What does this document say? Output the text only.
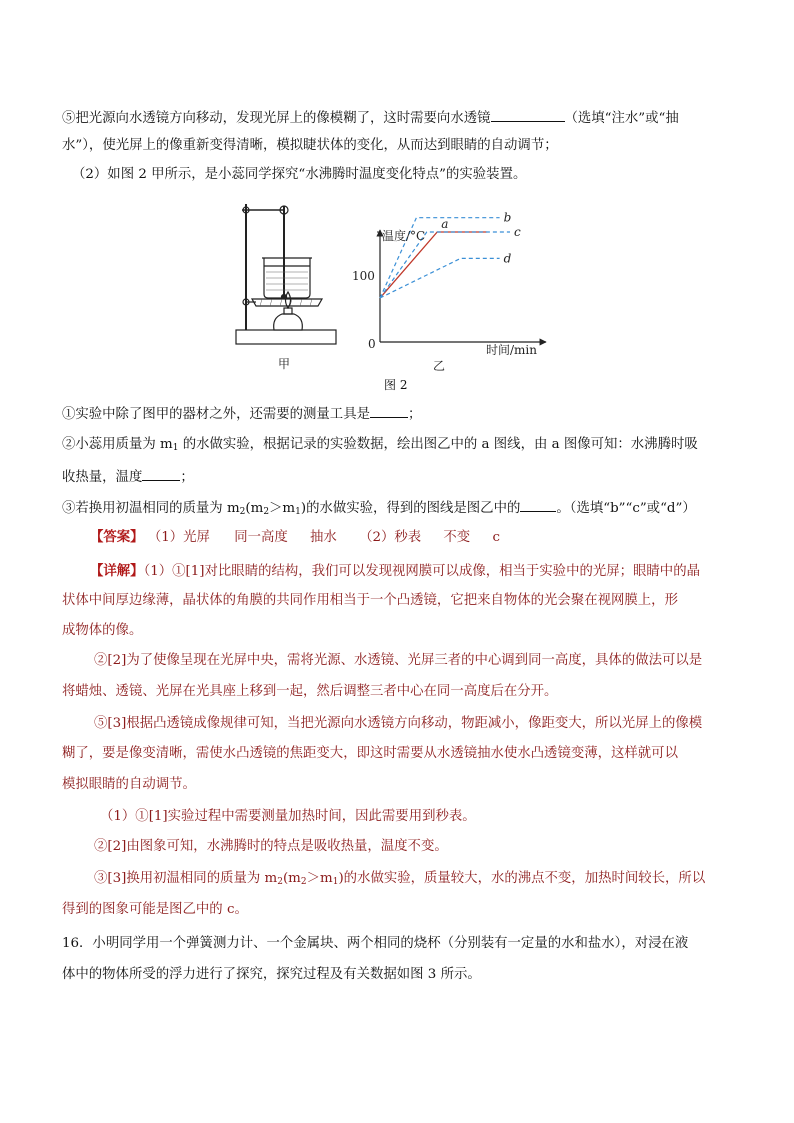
⑤把光源向水透镜方向移动，发现光屏上的像模糊了，这时需要向水透镜	（选填“注水”或“抽
水”），使光屏上的像重新变得清晰，模拟睫状体的变化，从而达到眼睛的自动调节；
（2）如图 2 甲所示，是小蕊同学探究“水沸腾时温度变化特点”的实验装置。
甲
a	b
c
d
温度/°C
时间/min
0
100
乙
图 2
①实验中除了图甲的器材之外，还需要的测量工具是	；
②小蕊用质量为 $m_1$ 的水做实验，根据记录的实验数据，绘出图乙中的 a 图线，由 a 图像可知：水沸腾时吸
收热量，温度	；
③若换用初温相同的质量为 $m_2(m_2>m_1)$的水做实验，得到的图线是图乙中的	。（选填“b”“c”或“d”）
【答案】 （1）光屏 同一高度 抽水 （2）秒表 不变 c
【详解】（1）①[1]对比眼睛的结构，我们可以发现视网膜可以成像，相当于实验中的光屏；眼睛中的晶
状体中间厚边缘薄，晶状体的角膜的共同作用相当于一个凸透镜，它把来自物体的光会聚在视网膜上，形
成物体的像。
②[2]为了使像呈现在光屏中央，需将光源、水透镜、光屏三者的中心调到同一高度，具体的做法可以是
将蜡烛、透镜、光屏在光具座上移到一起，然后调整三者中心在同一高度后在分开。
⑤[3]根据凸透镜成像规律可知，当把光源向水透镜方向移动，物距减小，像距变大，所以光屏上的像模
糊了，要是像变清晰，需使水凸透镜的焦距变大，即这时需要从水透镜抽水使水凸透镜变薄，这样就可以
模拟眼睛的自动调节。
（1）①[1]实验过程中需要测量加热时间，因此需要用到秒表。
②[2]由图象可知，水沸腾时的特点是吸收热量，温度不变。
③[3]换用初温相同的质量为 $m_2(m_2>m_1)$的水做实验，质量较大，水的沸点不变，加热时间较长，所以
得到的图象可能是图乙中的 c。
16．小明同学用一个弹簧测力计、一个金属块、两个相同的烧杯（分别装有一定量的水和盐水），对浸在液
体中的物体所受的浮力进行了探究，探究过程及有关数据如图 3 所示。
